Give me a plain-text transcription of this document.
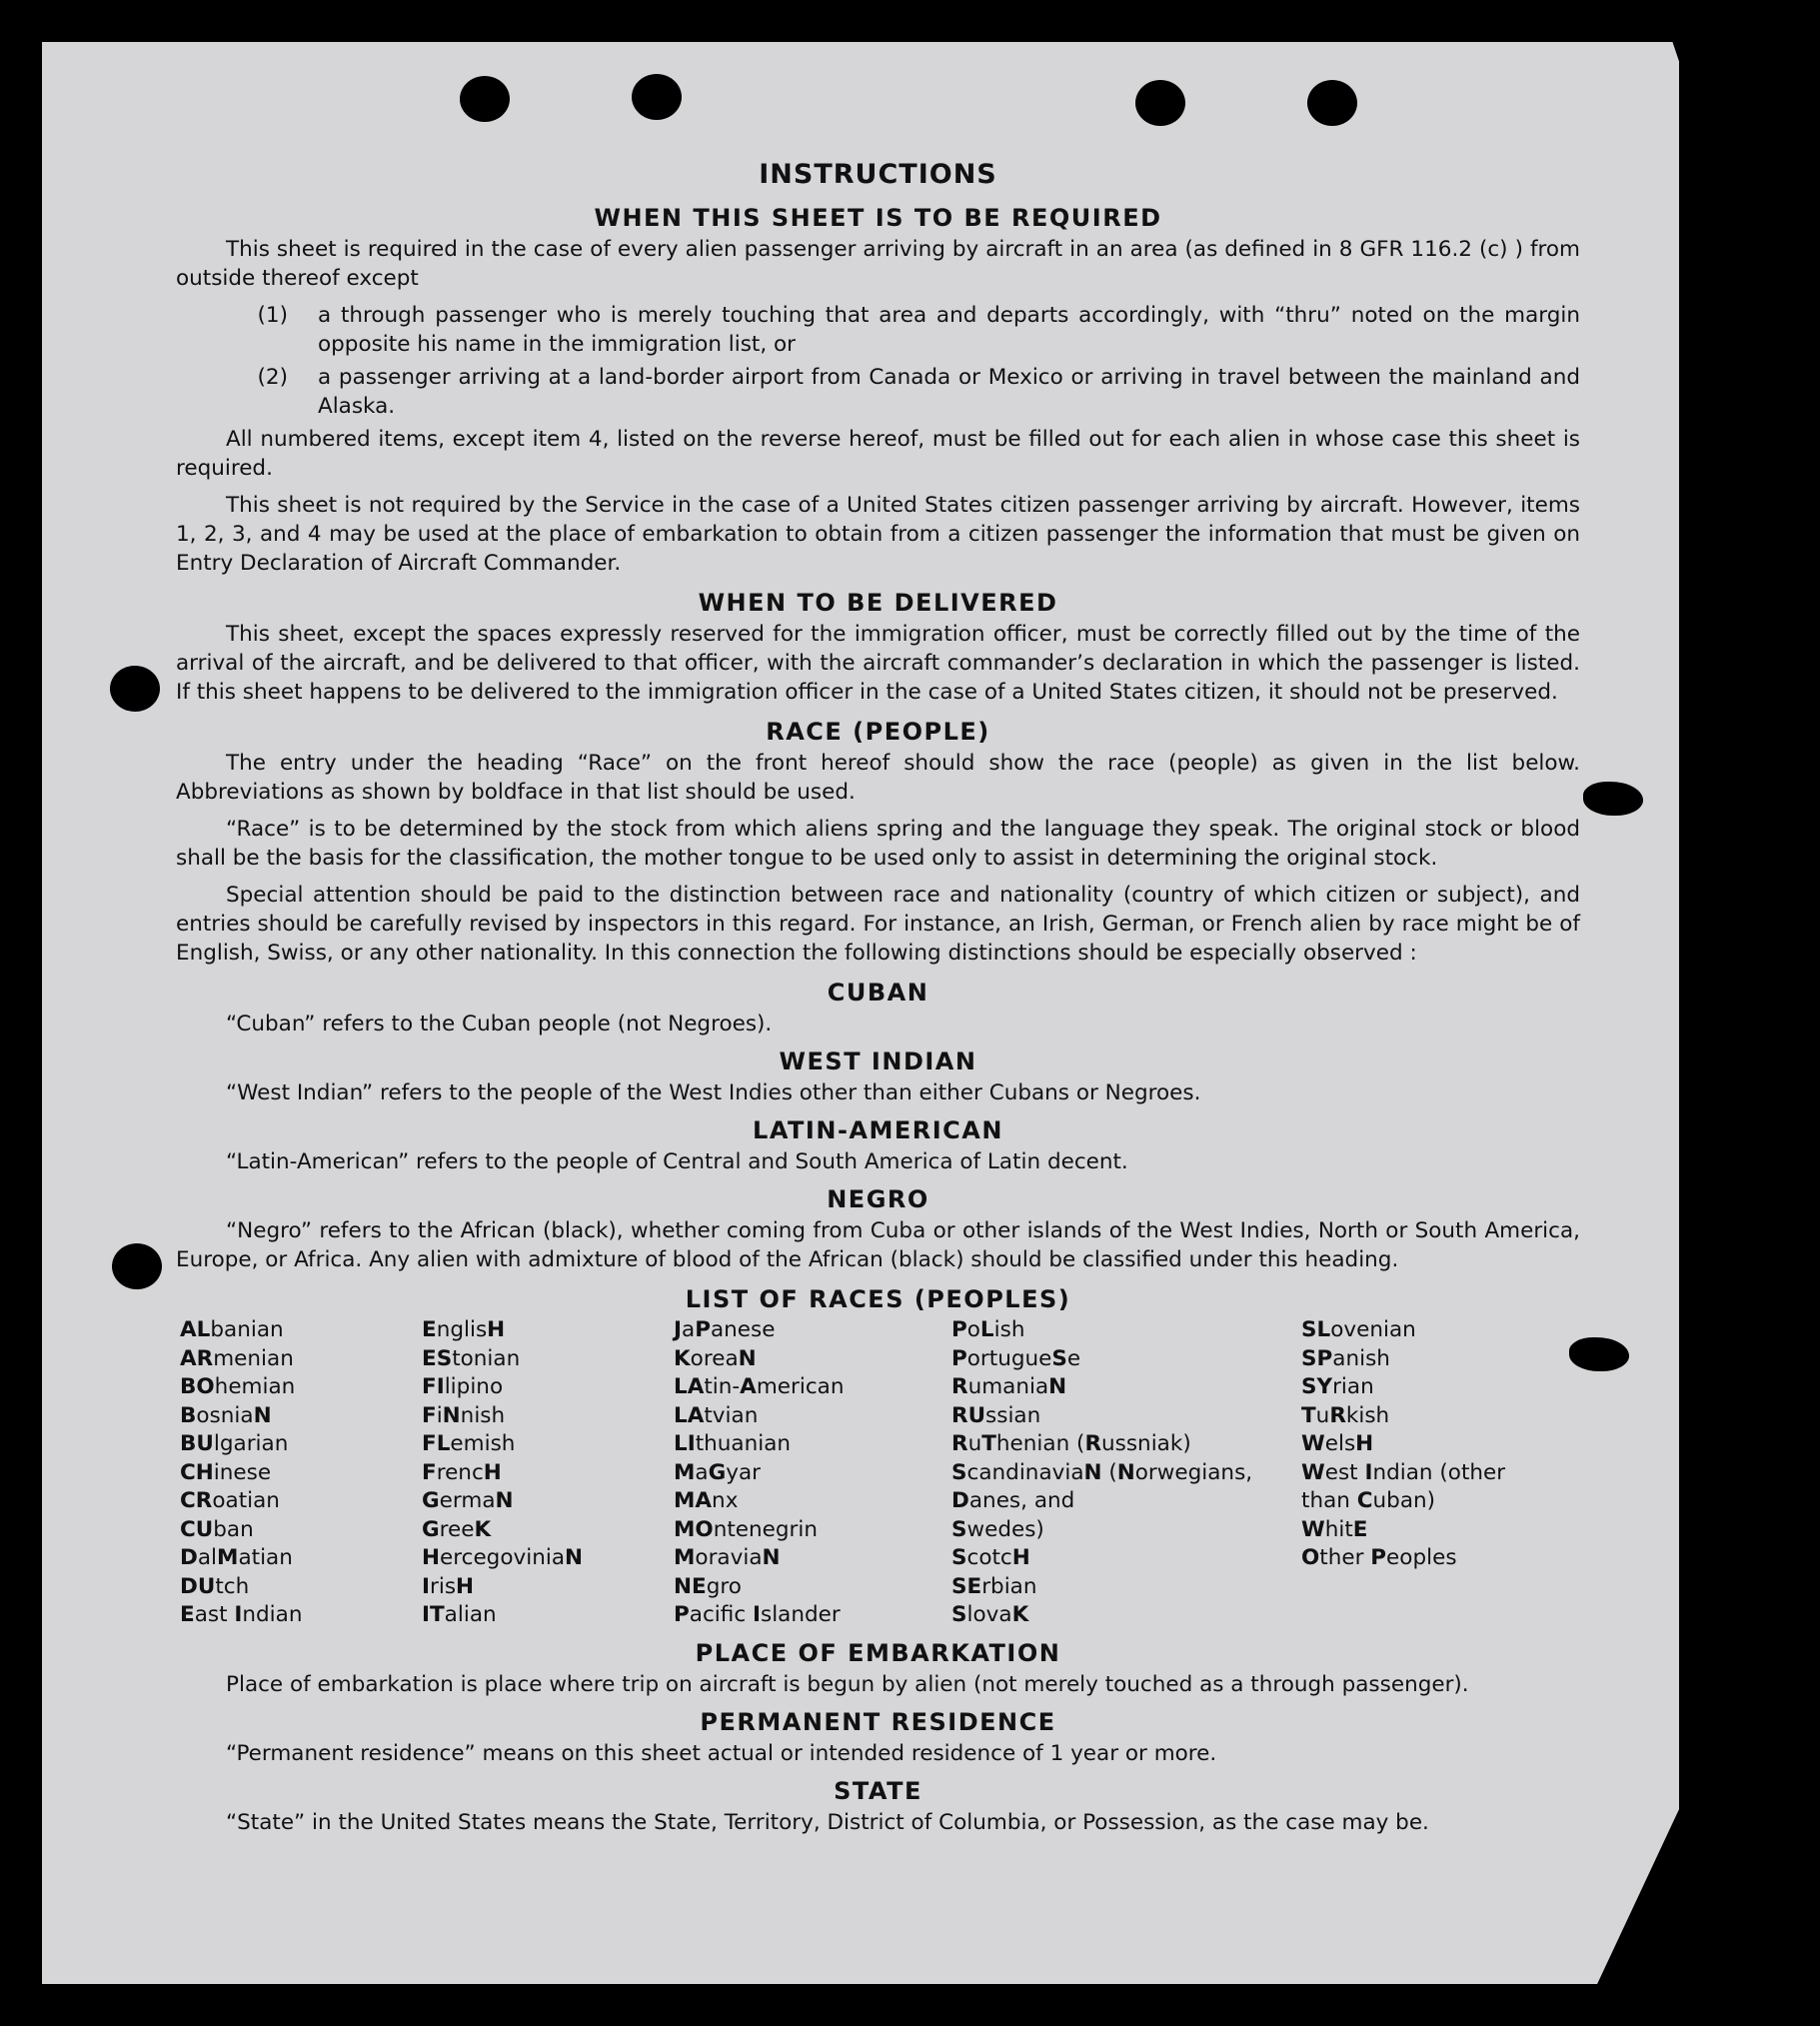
INSTRUCTIONS
WHEN THIS SHEET IS TO BE REQUIRED

This sheet is required in the case of every alien passenger arriving by aircraft in an area (as defined in 8 GFR 116.2 (c) ) from outside thereof except

(1)	a through passenger who is merely touching that area and departs accordingly, with “thru” noted on the margin opposite his name in the immigration list, or
(2)	a passenger arriving at a land-border airport from Canada or Mexico or arriving in travel between the mainland and Alaska.

All numbered items, except item 4, listed on the reverse hereof, must be filled out for each alien in whose case this sheet is required.

This sheet is not required by the Service in the case of a United States citizen passenger arriving by aircraft. However, items 1, 2, 3, and 4 may be used at the place of embarkation to obtain from a citizen passenger the information that must be given on Entry Declaration of Aircraft Commander.

WHEN TO BE DELIVERED

This sheet, except the spaces expressly reserved for the immigration officer, must be correctly filled out by the time of the arrival of the aircraft, and be delivered to that officer, with the aircraft commander’s declaration in which the passenger is listed. If this sheet happens to be delivered to the immigration officer in the case of a United States citizen, it should not be preserved.

RACE (PEOPLE)

The entry under the heading “Race” on the front hereof should show the race (people) as given in the list below. Abbreviations as shown by boldface in that list should be used.

“Race” is to be determined by the stock from which aliens spring and the language they speak. The original stock or blood shall be the basis for the classification, the mother tongue to be used only to assist in determining the original stock.

Special attention should be paid to the distinction between race and nationality (country of which citizen or subject), and entries should be carefully revised by inspectors in this regard. For instance, an Irish, German, or French alien by race might be of English, Swiss, or any other nationality. In this connection the following distinctions should be especially observed :

CUBAN
“Cuban” refers to the Cuban people (not Negroes).
WEST INDIAN
“West Indian” refers to the people of the West Indies other than either Cubans or Negroes.
LATIN-AMERICAN
“Latin-American” refers to the people of Central and South America of Latin decent.
NEGRO

“Negro” refers to the African (black), whether coming from Cuba or other islands of the West Indies, North or South America, Europe, or Africa. Any alien with admixture of blood of the African (black) should be classified under this heading.

LIST OF RACES (PEOPLES)
ALbanian
ARmenian
BOhemian
BosniaN
BUlgarian
CHinese
CRoatian
CUban
DalMatian
DUtch
East Indian
EnglisH
EStonian
FIlipino
FiNnish
FLemish
FrencH
GermaN
GreeK
HercegoviniaN
IrisH
ITalian
JaPanese
KoreaN
LAtin-American
LAtvian
LIthuanian
MaGyar
MAnx
MOntenegrin
MoraviaN
NEgro
Pacifc Islander
PoLish
PortugueSe
RumaniaN
RUssian
RuThenian (Russniak)
ScandinaviaN (Norwegians,
Danes, and
Swedes)
ScotcH
SErbian
SlovaK
SLovenian
SPanish
SYrian
TuRkish
WelsH
West Indian (other
than Cuban)
WhitE
Other Peoples
PLACE OF EMBARKATION
Place of embarkation is place where trip on aircraft is begun by alien (not merely touched as a through passenger).
PERMANENT RESIDENCE
“Permanent residence” means on this sheet actual or intended residence of 1 year or more.
STATE
“State” in the United States means the State, Territory, District of Columbia, or Possession, as the case may be.
